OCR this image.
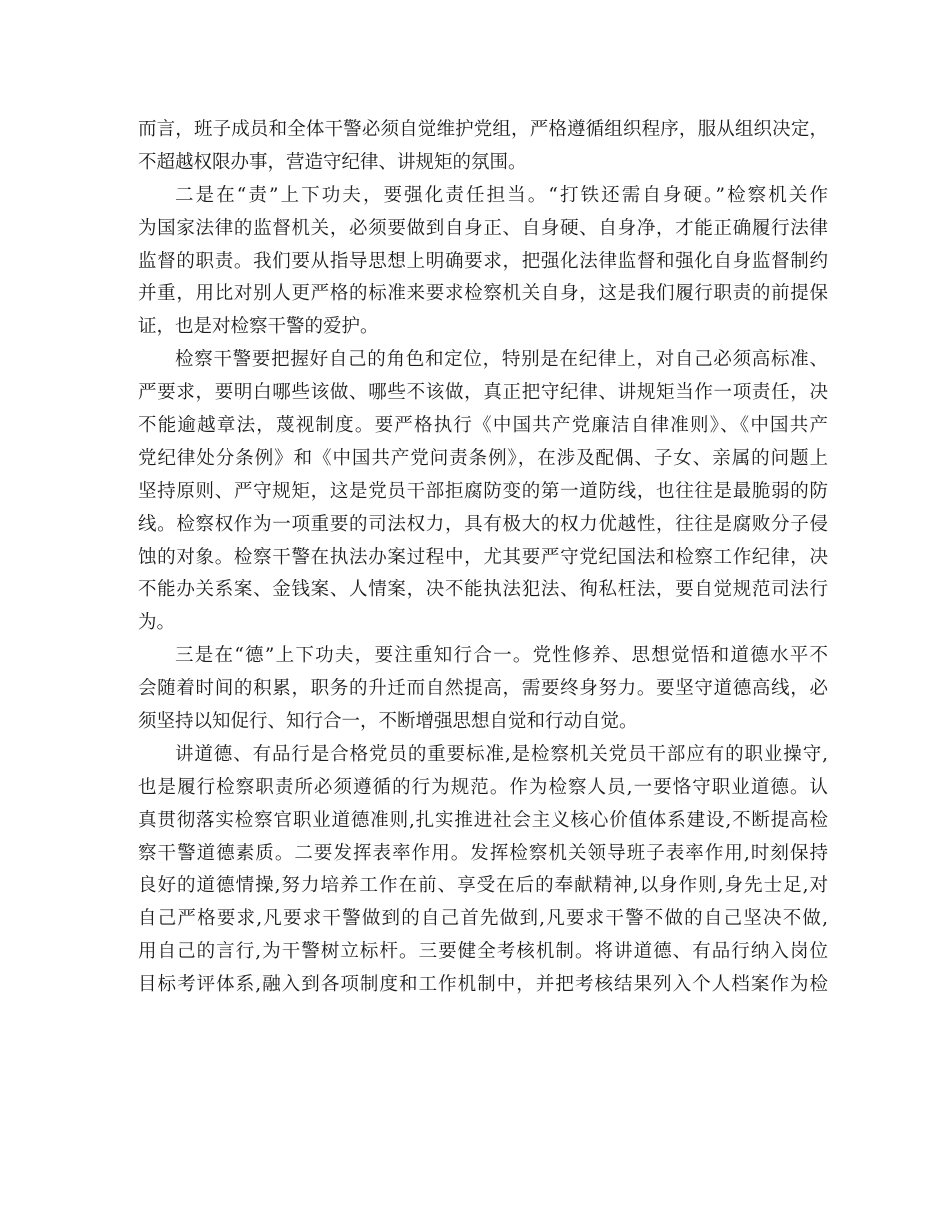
而言，班子成员和全体干警必须自觉维护党组，严格遵循组织程序，服从组织决定，
不超越权限办事，营造守纪律、讲规矩的氛围。
二是在“责”上下功夫，要强化责任担当。“打铁还需自身硬。”检察机关作
为国家法律的监督机关，必须要做到自身正、自身硬、自身净，才能正确履行法律
监督的职责。我们要从指导思想上明确要求，把强化法律监督和强化自身监督制约
并重，用比对别人更严格的标准来要求检察机关自身，这是我们履行职责的前提保
证，也是对检察干警的爱护。
检察干警要把握好自己的角色和定位，特别是在纪律上，对自己必须高标准、
严要求，要明白哪些该做、哪些不该做，真正把守纪律、讲规矩当作一项责任，决
不能逾越章法，蔑视制度。要严格执行《中国共产党廉洁自律准则》、《中国共产
党纪律处分条例》和《中国共产党问责条例》，在涉及配偶、子女、亲属的问题上
坚持原则、严守规矩，这是党员干部拒腐防变的第一道防线，也往往是最脆弱的防
线。检察权作为一项重要的司法权力，具有极大的权力优越性，往往是腐败分子侵
蚀的对象。检察干警在执法办案过程中，尤其要严守党纪国法和检察工作纪律，决
不能办关系案、金钱案、人情案，决不能执法犯法、徇私枉法，要自觉规范司法行
为。
三是在“德”上下功夫，要注重知行合一。党性修养、思想觉悟和道德水平不
会随着时间的积累，职务的升迁而自然提高，需要终身努力。要坚守道德高线，必
须坚持以知促行、知行合一，不断增强思想自觉和行动自觉。
讲道德、有品行是合格党员的重要标准,是检察机关党员干部应有的职业操守,
也是履行检察职责所必须遵循的行为规范。作为检察人员,一要恪守职业道德。认
真贯彻落实检察官职业道德准则,扎实推进社会主义核心价值体系建设,不断提高检
察干警道德素质。二要发挥表率作用。发挥检察机关领导班子表率作用,时刻保持
良好的道德情操,努力培养工作在前、享受在后的奉献精神,以身作则,身先士足,对
自己严格要求,凡要求干警做到的自己首先做到,凡要求干警不做的自己坚决不做,
用自己的言行,为干警树立标杆。三要健全考核机制。将讲道德、有品行纳入岗位
目标考评体系,融入到各项制度和工作机制中，并把考核结果列入个人档案作为检
